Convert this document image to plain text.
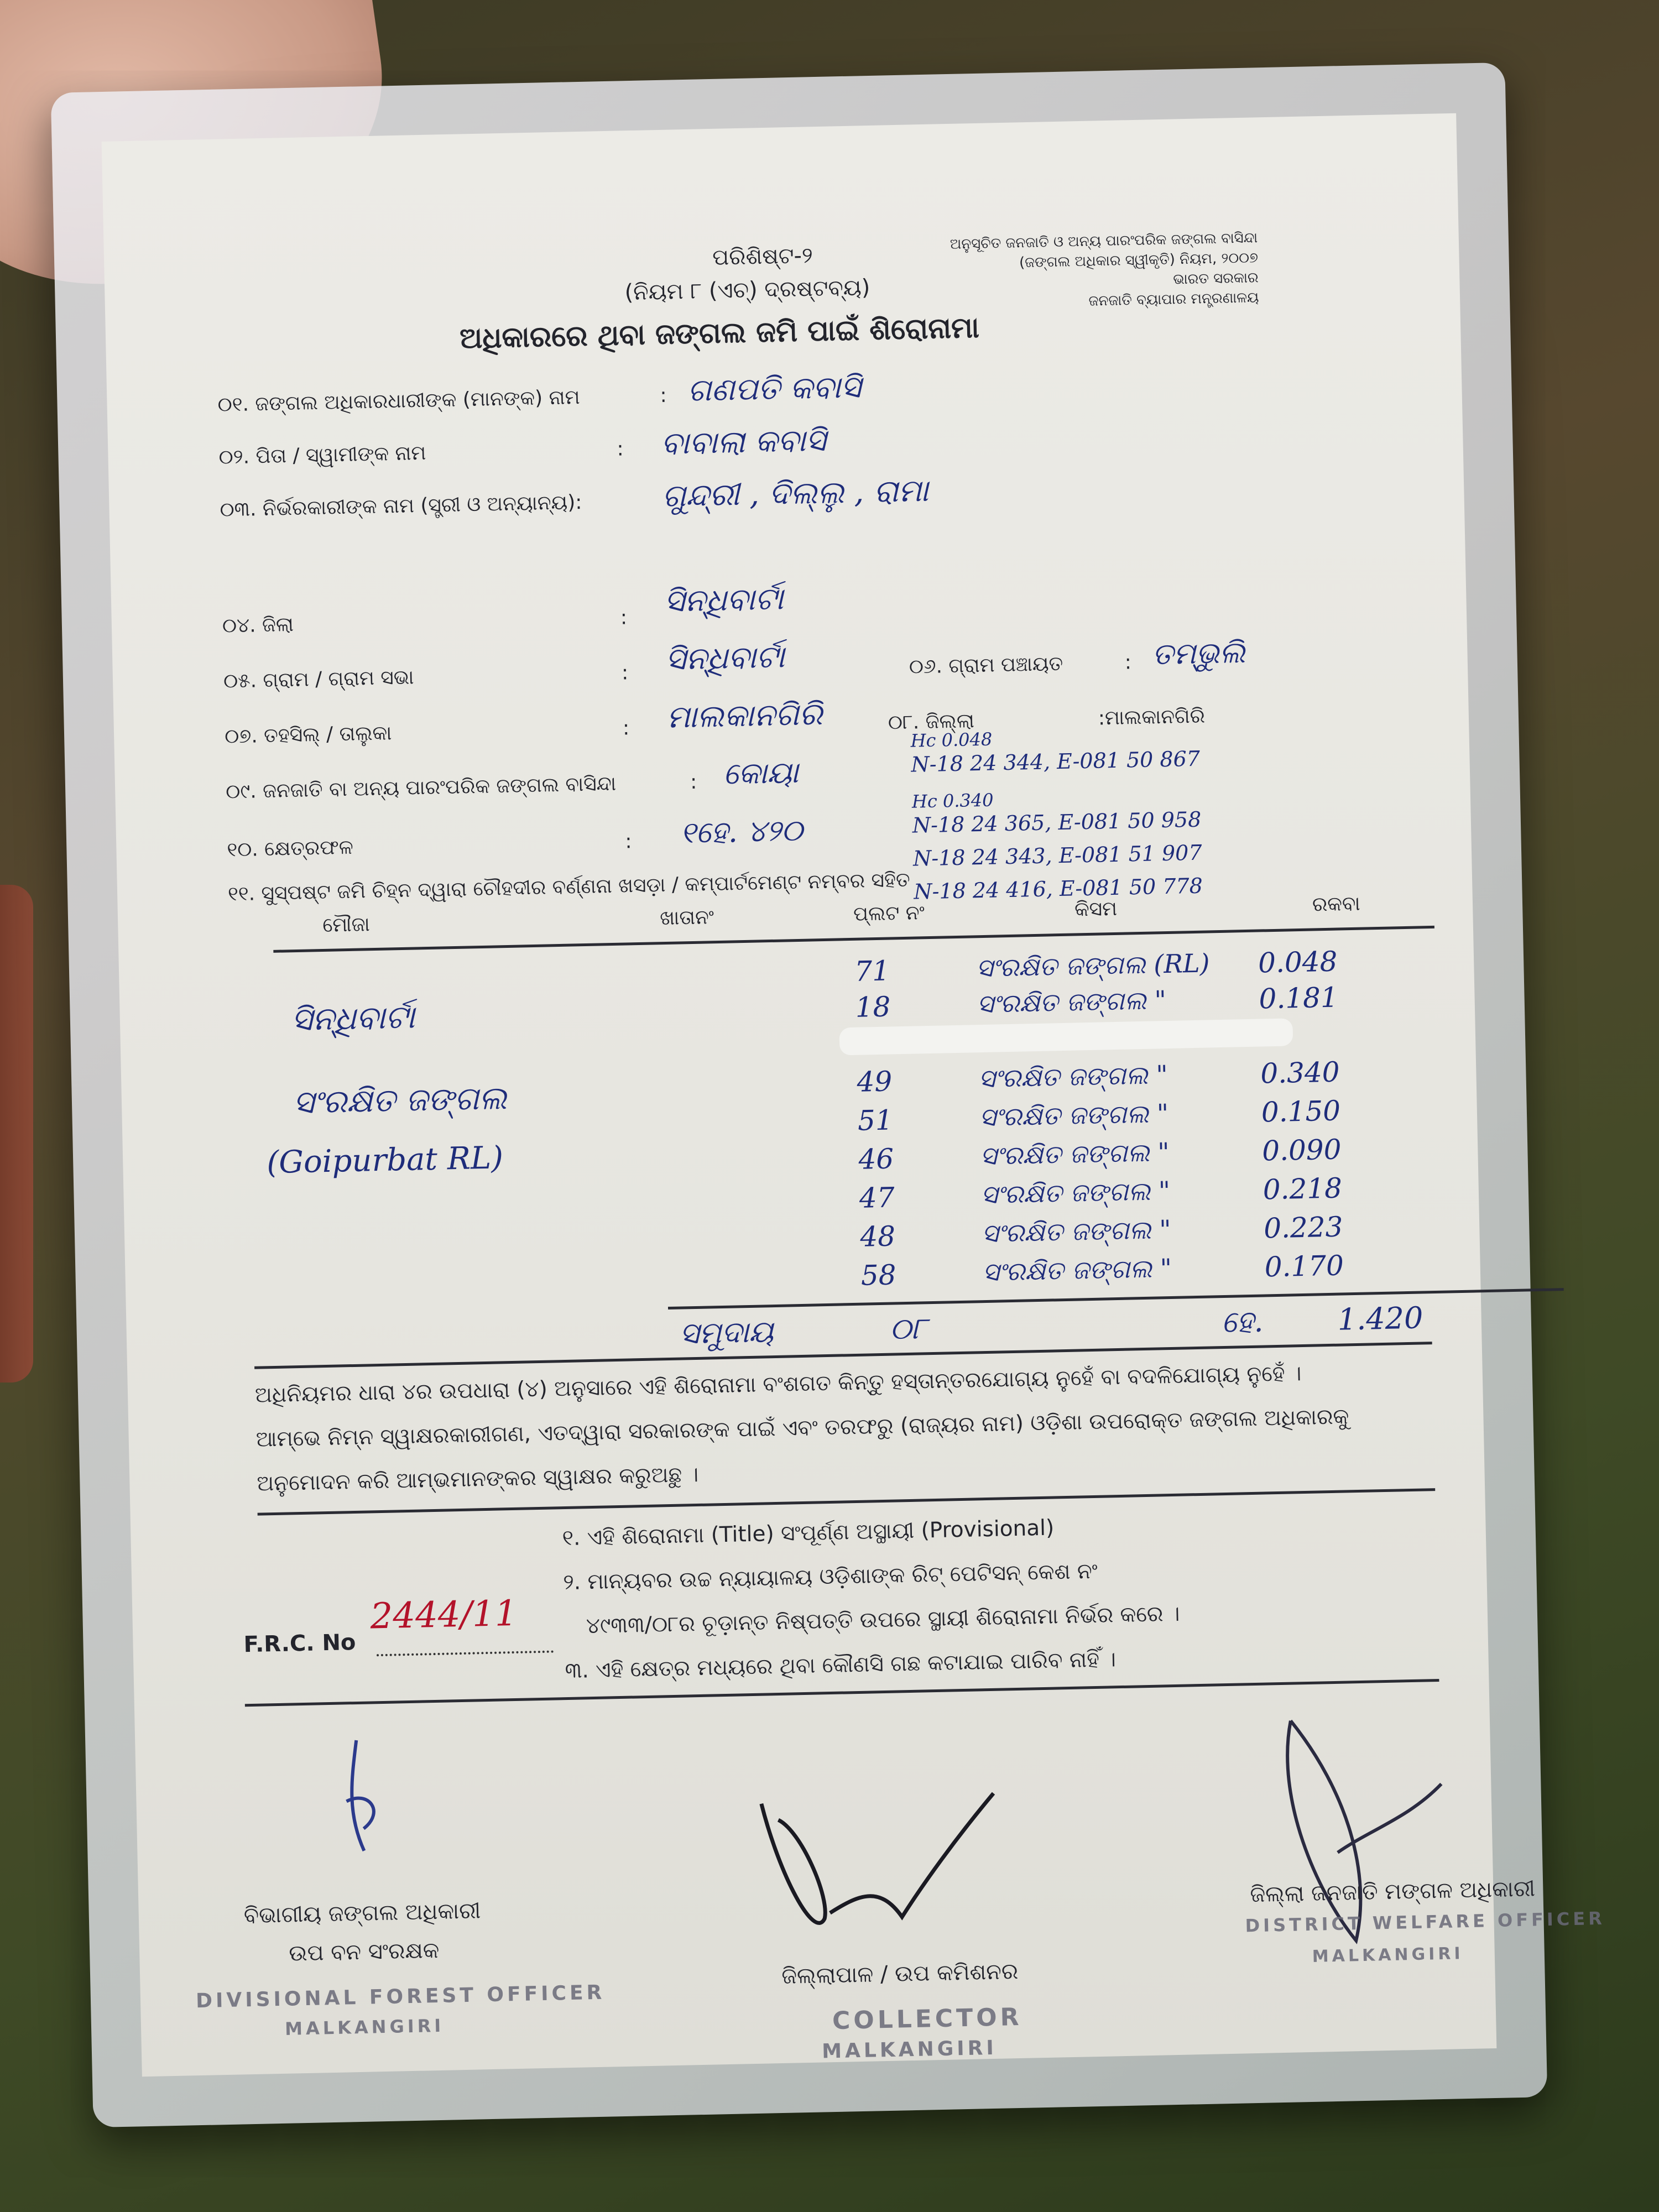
ପରିଶିଷ୍ଟ-୨
(ନିୟମ ୮ (ଏଚ୍) ଦ୍ରଷ୍ଟବ୍ୟ)
ଅଧିକାରରେ ଥିବା ଜଙ୍ଗଲ ଜମି ପାଇଁ ଶିରୋନାମା
ଅନୁସୂଚିତ ଜନଜାତି ଓ ଅନ୍ୟ ପାରଂପରିକ ଜଙ୍ଗଲ ବାସିନ୍ଦା
(ଜଙ୍ଗଲ ଅଧିକାର ସ୍ୱୀକୃତି) ନିୟମ, ୨୦୦୭
ଭାରତ ସରକାର
ଜନଜାତି ବ୍ୟାପାର ମନ୍ତ୍ରଣାଳୟ
୦୧. ଜଙ୍ଗଲ ଅଧିକାରଧାରୀଙ୍କ (ମାନଙ୍କ) ନାମ	: ଗଣପତି କବାସି
୦୨. ପିତା / ସ୍ୱାମୀଙ୍କ ନାମ	: ବାବାଲା କବାସି
୦୩. ନିର୍ଭରକାରୀଙ୍କ ନାମ (ସ୍ତ୍ରୀ ଓ ଅନ୍ୟାନ୍ୟ):	ଗୁନ୍ଦ୍ରୀ , ଦିଲ୍ଲୁ , ରାମା
୦୪. ଜିଲା	: ସିନ୍ଧିବାର୍ଟା
୦୫. ଗ୍ରାମ / ଗ୍ରାମ ସଭା	: ସିନ୍ଧିବାର୍ଟା	୦୬. ଗ୍ରାମ ପଞ୍ଚାୟତ	: ତମ୍ଭୁଲି
୦୭. ତହସିଲ୍ / ତାଲୁକା	: ମାଲକାନଗିରି	୦୮. ଜିଲ୍ଲା	:ମାଲକାନଗିରି
୦୯. ଜନଜାତି ବା ଅନ୍ୟ ପାରଂପରିକ ଜଙ୍ଗଲ ବାସିନ୍ଦା	: କୋୟା
୧୦. କ୍ଷେତ୍ରଫଳ	: ୧ହେ. ୪୨୦
Hc 0.048
N-18 24 344, E-081 50 867
Hc 0.340
N-18 24 365, E-081 50 958
N-18 24 343, E-081 51 907
N-18 24 416, E-081 50 778
୧୧. ସୁସ୍ପଷ୍ଟ ଜମି ଚିହ୍ନ ଦ୍ୱାରା ଚୌହଦୀର ବର୍ଣ୍ଣନା ଖସଡ଼ା / କମ୍ପାର୍ଟମେଣ୍ଟ ନମ୍ବର ସହିତ
ମୌଜା	ଖାତାନଂ	ପ୍ଲଟ ନଂ	କିସମ	ରକବା
ସିନ୍ଧିବାର୍ଟା
ସଂରକ୍ଷିତ ଜଙ୍ଗଲ
(Goipurbat RL)
71	ସଂରକ୍ଷିତ ଜଙ୍ଗଲ (RL) 0.048
18	ସଂରକ୍ଷିତ ଜଙ୍ଗଲ "	0.181
49	ସଂରକ୍ଷିତ ଜଙ୍ଗଲ "	0.340
51	ସଂରକ୍ଷିତ ଜଙ୍ଗଲ "	0.150
46	ସଂରକ୍ଷିତ ଜଙ୍ଗଲ "	0.090
47	ସଂରକ୍ଷିତ ଜଙ୍ଗଲ "	0.218
48	ସଂରକ୍ଷିତ ଜଙ୍ଗଲ "	0.223
58	ସଂରକ୍ଷିତ ଜଙ୍ଗଲ "	0.170
ସମୁଦାୟ	୦୮	ହେ. 1.420
ଅଧିନିୟମର ଧାରା ୪ର ଉପଧାରା (୪) ଅନୁସାରେ ଏହି ଶିରୋନାମା ବଂଶଗତ କିନ୍ତୁ ହସ୍ତାନ୍ତରଯୋଗ୍ୟ ନୁହେଁ ବା ବଦଳିଯୋଗ୍ୟ ନୁହେଁ ।
ଆମ୍ଭେ ନିମ୍ନ ସ୍ୱାକ୍ଷରକାରୀଗଣ, ଏତଦ୍ୱାରା ସରକାରଙ୍କ ପାଇଁ ଏବଂ ତରଫରୁ (ରାଜ୍ୟର ନାମ) ଓଡ଼ିଶା ଉପରୋକ୍ତ ଜଙ୍ଗଲ ଅଧିକାରକୁ
ଅନୁମୋଦନ କରି ଆମ୍ଭମାନଙ୍କର ସ୍ୱାକ୍ଷର କରୁଅଛୁ ।
୧. ଏହି ଶିରୋନାମା (Title) ସଂପୂର୍ଣ୍ଣ ଅସ୍ଥାୟୀ (Provisional)
୨. ମାନ୍ୟବର ଉଚ୍ଚ ନ୍ୟାୟାଳୟ ଓଡ଼ିଶାଙ୍କ ରିଟ୍ ପେଟିସନ୍ କେଶ ନଂ
୪୯୩୩/୦୮ର ଚୂଡ଼ାନ୍ତ ନିଷ୍ପତ୍ତି ଉପରେ ସ୍ଥାୟୀ ଶିରୋନାମା ନିର୍ଭର କରେ ।
୩. ଏହି କ୍ଷେତ୍ର ମଧ୍ୟରେ ଥିବା କୌଣସି ଗଛ କଟାଯାଇ ପାରିବ ନାହିଁ ।
F.R.C. No
2444/11
ବିଭାଗୀୟ ଜଙ୍ଗଲ ଅଧିକାରୀ
ଉପ ବନ ସଂରକ୍ଷକ
DIVISIONAL FOREST OFFICER
MALKANGIRI
ଜିଲ୍ଲାପାଳ / ଉପ କମିଶନର
COLLECTOR
MALKANGIRI
ଜିଲ୍ଲା ଜନଜାତି ମଙ୍ଗଳ ଅଧିକାରୀ
DISTRICT WELFARE OFFICER
MALKANGIRI
